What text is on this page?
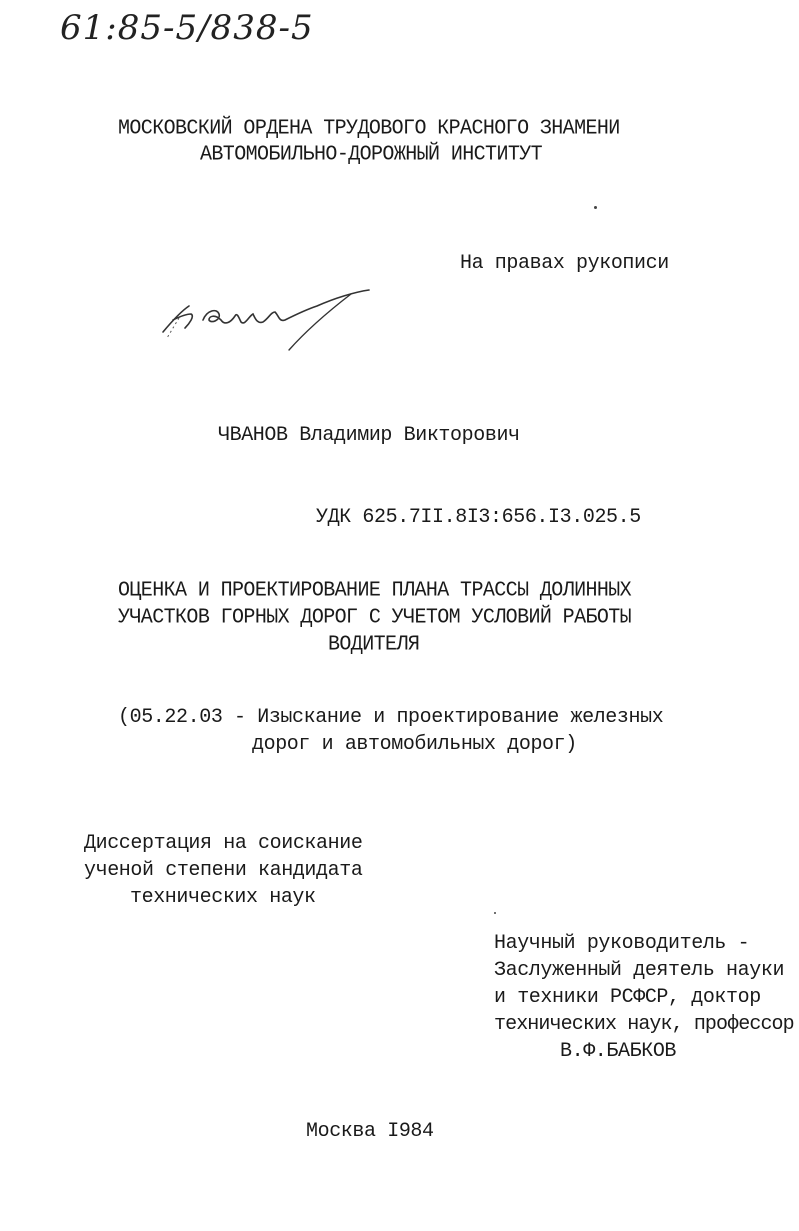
61:85-5/838-5
МОСКОВСКИЙ ОРДЕНА ТРУДОВОГО КРАСНОГО ЗНАМЕНИ
АВТОМОБИЛЬНО-ДОРОЖНЫЙ ИНСТИТУТ
На правах рукописи
ЧВАНОВ Владимир Викторович
УДК 625.7II.8I3:656.I3.025.5
ОЦЕНКА И ПРОЕКТИРОВАНИЕ ПЛАНА ТРАССЫ ДОЛИННЫХ
УЧАСТКОВ ГОРНЫХ ДОРОГ С УЧЕТОМ УСЛОВИЙ РАБОТЫ
ВОДИТЕЛЯ
(05.22.03 - Изыскание и проектирование железных
дорог и автомобильных дорог)
Диссертация на соискание
ученой степени кандидата
технических наук
Научный руководитель -
Заслуженный деятель науки
и техники РСФСР, доктор
технических наук, профессор
В.Ф.БАБКОВ
Москва I984
